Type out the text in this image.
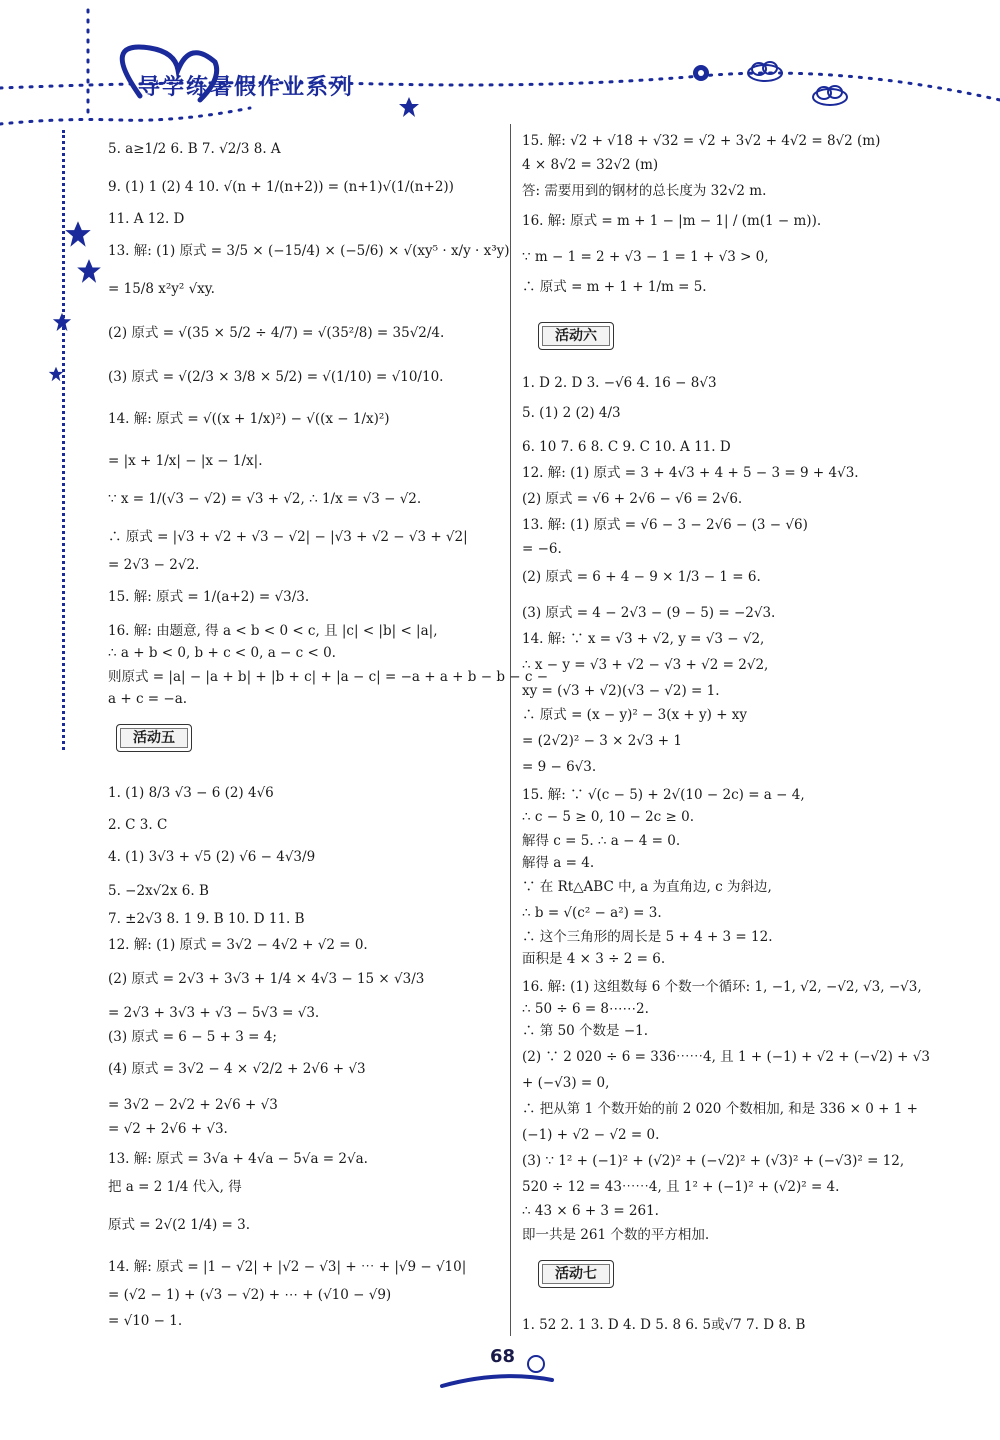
导学练暑假作业系列
5. a≥1/2 6. B 7. √2/3 8. A
9. (1) 1 (2) 4 10. √(n + 1/(n+2)) = (n+1)√(1/(n+2))
11. A 12. D
13. 解: (1) 原式 = 3/5 × (−15/4) × (−5/6) × √(xy⁵ · x/y · x³y)
= 15/8 x²y² √xy.
(2) 原式 = √(35 × 5/2 ÷ 4/7) = √(35²/8) = 35√2/4.
(3) 原式 = √(2/3 × 3/8 × 5/2) = √(1/10) = √10/10.
14. 解: 原式 = √((x + 1/x)²) − √((x − 1/x)²)
= |x + 1/x| − |x − 1/x|.
∵ x = 1/(√3 − √2) = √3 + √2, ∴ 1/x = √3 − √2.
∴ 原式 = |√3 + √2 + √3 − √2| − |√3 + √2 − √3 + √2|
= 2√3 − 2√2.
15. 解: 原式 = 1/(a+2) = √3/3.
16. 解: 由题意, 得 a < b < 0 < c, 且 |c| < |b| < |a|,
∴ a + b < 0, b + c < 0, a − c < 0.
则原式 = |a| − |a + b| + |b + c| + |a − c| = −a + a + b − b − c −
a + c = −a.
1. (1) 8/3 √3 − 6 (2) 4√6
2. C 3. C
4. (1) 3√3 + √5 (2) √6 − 4√3/9
5. −2x√2x 6. B
7. ±2√3 8. 1 9. B 10. D 11. B
12. 解: (1) 原式 = 3√2 − 4√2 + √2 = 0.
(2) 原式 = 2√3 + 3√3 + 1/4 × 4√3 − 15 × √3/3
= 2√3 + 3√3 + √3 − 5√3 = √3.
(3) 原式 = 6 − 5 + 3 = 4;
(4) 原式 = 3√2 − 4 × √2/2 + 2√6 + √3
= 3√2 − 2√2 + 2√6 + √3
= √2 + 2√6 + √3.
13. 解: 原式 = 3√a + 4√a − 5√a = 2√a.
把 a = 2 1/4 代入, 得
原式 = 2√(2 1/4) = 3.
14. 解: 原式 = |1 − √2| + |√2 − √3| + ⋯ + |√9 − √10|
= (√2 − 1) + (√3 − √2) + ⋯ + (√10 − √9)
= √10 − 1.
活动五
15. 解: √2 + √18 + √32 = √2 + 3√2 + 4√2 = 8√2 (m)
4 × 8√2 = 32√2 (m)
答: 需要用到的钢材的总长度为 32√2 m.
16. 解: 原式 = m + 1 − |m − 1| / (m(1 − m)).
∵ m − 1 = 2 + √3 − 1 = 1 + √3 > 0,
∴ 原式 = m + 1 + 1/m = 5.
1. D 2. D 3. −√6 4. 16 − 8√3
5. (1) 2 (2) 4/3
6. 10 7. 6 8. C 9. C 10. A 11. D
12. 解: (1) 原式 = 3 + 4√3 + 4 + 5 − 3 = 9 + 4√3.
(2) 原式 = √6 + 2√6 − √6 = 2√6.
13. 解: (1) 原式 = √6 − 3 − 2√6 − (3 − √6)
= −6.
(2) 原式 = 6 + 4 − 9 × 1/3 − 1 = 6.
(3) 原式 = 4 − 2√3 − (9 − 5) = −2√3.
14. 解: ∵ x = √3 + √2, y = √3 − √2,
∴ x − y = √3 + √2 − √3 + √2 = 2√2,
xy = (√3 + √2)(√3 − √2) = 1.
∴ 原式 = (x − y)² − 3(x + y) + xy
= (2√2)² − 3 × 2√3 + 1
= 9 − 6√3.
15. 解: ∵ √(c − 5) + 2√(10 − 2c) = a − 4,
∴ c − 5 ≥ 0, 10 − 2c ≥ 0.
解得 c = 5. ∴ a − 4 = 0.
解得 a = 4.
∵ 在 Rt△ABC 中, a 为直角边, c 为斜边,
∴ b = √(c² − a²) = 3.
∴ 这个三角形的周长是 5 + 4 + 3 = 12.
面积是 4 × 3 ÷ 2 = 6.
16. 解: (1) 这组数每 6 个数一个循环: 1, −1, √2, −√2, √3, −√3,
∴ 50 ÷ 6 = 8⋯⋯2.
∴ 第 50 个数是 −1.
(2) ∵ 2 020 ÷ 6 = 336⋯⋯4, 且 1 + (−1) + √2 + (−√2) + √3
+ (−√3) = 0,
∴ 把从第 1 个数开始的前 2 020 个数相加, 和是 336 × 0 + 1 +
(−1) + √2 − √2 = 0.
(3) ∵ 1² + (−1)² + (√2)² + (−√2)² + (√3)² + (−√3)² = 12,
520 ÷ 12 = 43⋯⋯4, 且 1² + (−1)² + (√2)² = 4.
∴ 43 × 6 + 3 = 261.
即一共是 261 个数的平方相加.
1. 52 2. 1 3. D 4. D 5. 8 6. 5或√7 7. D 8. B
活动六
活动七
68
